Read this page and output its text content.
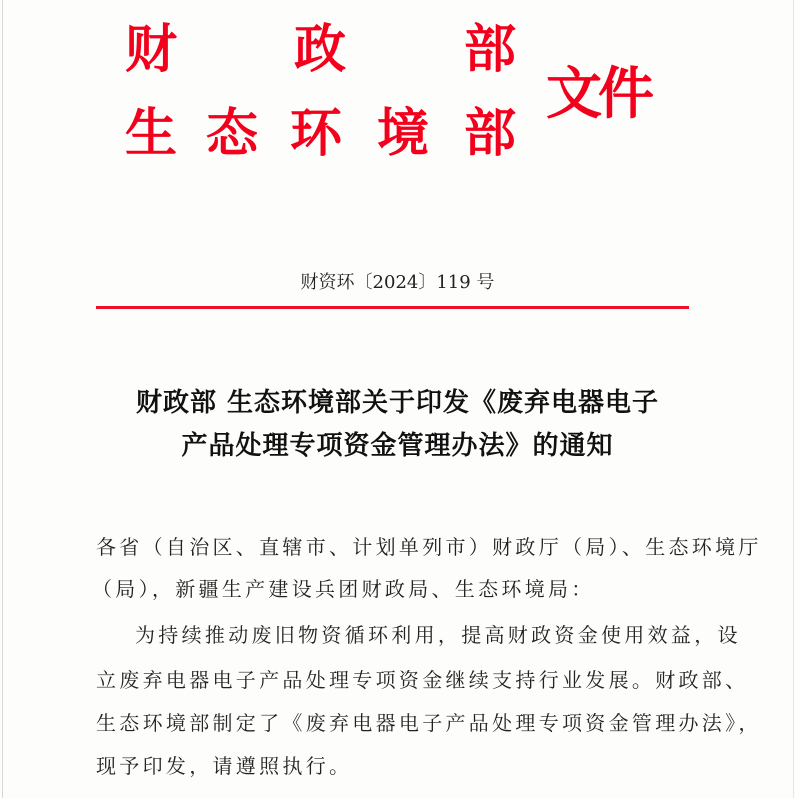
财 政 部
生 态 环 境 部
文件
财资环〔2024〕119 号
财政部 生态环境部关于印发《废弃电器电子
产品处理专项资金管理办法》的通知
各省（自治区、直辖市、计划单列市）财政厅（局）、生态环境厅
（局），新疆生产建设兵团财政局、生态环境局：
为持续推动废旧物资循环利用，提高财政资金使用效益，设
立废弃电器电子产品处理专项资金继续支持行业发展。财政部、
生态环境部制定了《废弃电器电子产品处理专项资金管理办法》，
现予印发，请遵照执行。
